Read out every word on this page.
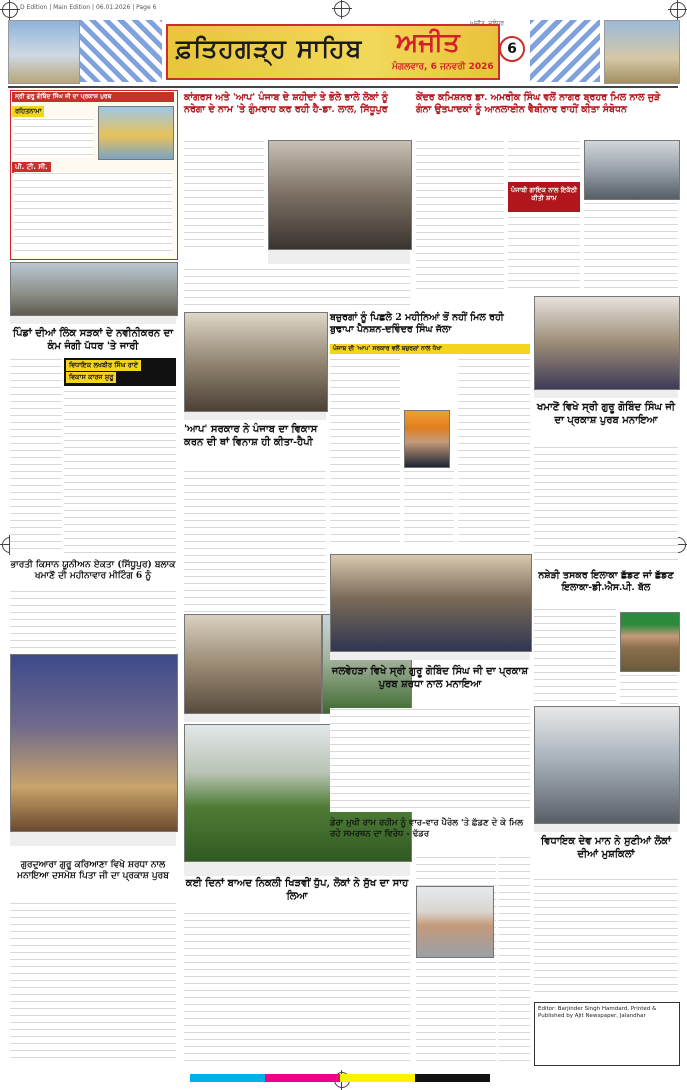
D Edition | Main Edition | 06.01.2026 | Page 6
ਅਜੀਤ, ਜਲੰਧਰ
ਫ਼ਤਿਹਗੜ੍ਹ ਸਾਹਿਬ ਅਜੀਤ
ਮੰਗਲਵਾਰ, 6 ਜਨਵਰੀ 2026
6
ਸ੍ਰੀ ਗੁਰੂ ਗੋਬਿੰਦ ਸਿੰਘ ਜੀ ਦਾ ਪ੍ਰਕਾਸ਼ ਪੁਰਬ
ਰਹਿਤਨਾਮਾ
ਪੀ. ਟੀ. ਸੀ.
ਪਿੰਡਾਂ ਦੀਆਂ ਲਿੰਕ ਸੜਕਾਂ ਦੇ ਨਵੀਨੀਕਰਨ ਦਾ ਕੰਮ ਜੰਗੀ ਪੱਧਰ 'ਤੇ ਜਾਰੀ
ਵਿਧਾਇਕ ਲਖਬੀਰ ਸਿੰਘ ਰਾਏ
ਵਿਕਾਸ ਕਾਰਜ ਸ਼ੁਰੂ
ਭਾਰਤੀ ਕਿਸਾਨ ਯੂਨੀਅਨ ਏਕਤਾ (ਸਿੱਧੂਪੁਰ) ਬਲਾਕ ਖਮਾਣੋਂ ਦੀ ਮਹੀਨਾਵਾਰ ਮੀਟਿੰਗ 6 ਨੂੰ
ਗੁਰਦੁਆਰਾ ਗੁਰੂ ਕਰਿਆਣਾ ਵਿਖੇ ਸ਼ਰਧਾ ਨਾਲ ਮਨਾਇਆ ਦਸਮੇਸ਼ ਪਿਤਾ ਜੀ ਦਾ ਪ੍ਰਕਾਸ਼ ਪੁਰਬ
ਕਾਂਗਰਸ ਅਤੇ 'ਆਪ' ਪੰਜਾਬ ਦੇ ਸ਼ਹੀਦਾਂ ਤੇ ਭੋਲੇ ਭਾਲੇ ਲੋਕਾਂ ਨੂੰ ਨਰੇਗਾ ਦੇ ਨਾਮ 'ਤੇ ਗੁੰਮਰਾਹ ਕਰ ਰਹੀ ਹੈ-ਡਾ. ਲਾਲ, ਸਿੱਧੂਪੁਰ
'ਆਪ' ਸਰਕਾਰ ਨੇ ਪੰਜਾਬ ਦਾ ਵਿਕਾਸ ਕਰਨ ਦੀ ਥਾਂ ਵਿਨਾਸ਼ ਹੀ ਕੀਤਾ-ਹੈਪੀ
ਕਈ ਦਿਨਾਂ ਬਾਅਦ ਨਿਕਲੀ ਖਿੜਵੀਂ ਧੁੱਪ, ਲੋਕਾਂ ਨੇ ਸੁੱਖ ਦਾ ਸਾਹ ਲਿਆ
ਕੇਂਦਰ ਕਮਿਸ਼ਨਰ ਡਾ. ਅਮਰੀਕ ਸਿੰਘ ਵਲੋਂ ਨਾਗਰ ਬ੍ਰਹਰ ਮਿਲ ਨਾਲ ਜੁੜੇ ਗੰਨਾ ਉਤਪਾਦਕਾਂ ਨੂੰ ਆਨਲਾਈਨ ਵੈਬੀਨਾਰ ਰਾਹੀਂ ਕੀਤਾ ਸੰਬੋਧਨ
ਪੰਜਾਬੀ ਗਾਇਕ ਨਾਲ ਇਕੱਠੀ ਕੀਤੀ ਸ਼ਾਮ
ਬਜ਼ੁਰਗਾਂ ਨੂੰ ਪਿਛਲੇ 2 ਮਹੀਨਿਆਂ ਤੋਂ ਨਹੀਂ ਮਿਲ ਰਹੀ ਬੁਢਾਪਾ ਪੈਨਸ਼ਨ-ਦਵਿੰਦਰ ਸਿੰਘ ਜੱਲਾ
ਪੰਜਾਬ ਦੀ 'ਆਪ' ਸਰਕਾਰ ਵਲੋਂ ਬਜ਼ੁਰਗਾਂ ਨਾਲ ਧੋਖਾ
ਖਮਾਣੋਂ ਵਿਖੇ ਸ੍ਰੀ ਗੁਰੂ ਗੋਬਿੰਦ ਸਿੰਘ ਜੀ ਦਾ ਪ੍ਰਕਾਸ਼ ਪੁਰਬ ਮਨਾਇਆ
ਜਲਵੇਹੜਾ ਵਿਖੇ ਸ੍ਰੀ ਗੁਰੂ ਗੋਬਿੰਦ ਸਿੰਘ ਜੀ ਦਾ ਪ੍ਰਕਾਸ਼ ਪੁਰਬ ਸ਼ਰਧਾ ਨਾਲ ਮਨਾਇਆ
ਨਸ਼ੇੜੀ ਤਸਕਰ ਇਲਾਕਾ ਛੱਡਣ ਜਾਂ ਛੱਡਣ ਇਲਾਕਾ-ਡੀ.ਐਸ.ਪੀ. ਬੱਲ
ਵਿਧਾਇਕ ਦੇਵ ਮਾਨ ਨੇ ਸੁਣੀਆਂ ਲੋਕਾਂ ਦੀਆਂ ਮੁਸ਼ਕਿਲਾਂ
ਡੇਰਾ ਮੁਖੀ ਰਾਮ ਰਹੀਮ ਨੂੰ ਵਾਰ-ਵਾਰ ਪੈਰੋਲ 'ਤੇ ਛੱਡਣ ਦੇ ਕੇ ਮਿਲ ਰਹੇ ਸਮਰਥਨ ਦਾ ਵਿਰੋਧ - ਢੱਡਰ
Editor: Barjinder Singh Hamdard, Printed & Published by Ajit Newspaper, Jalandhar
